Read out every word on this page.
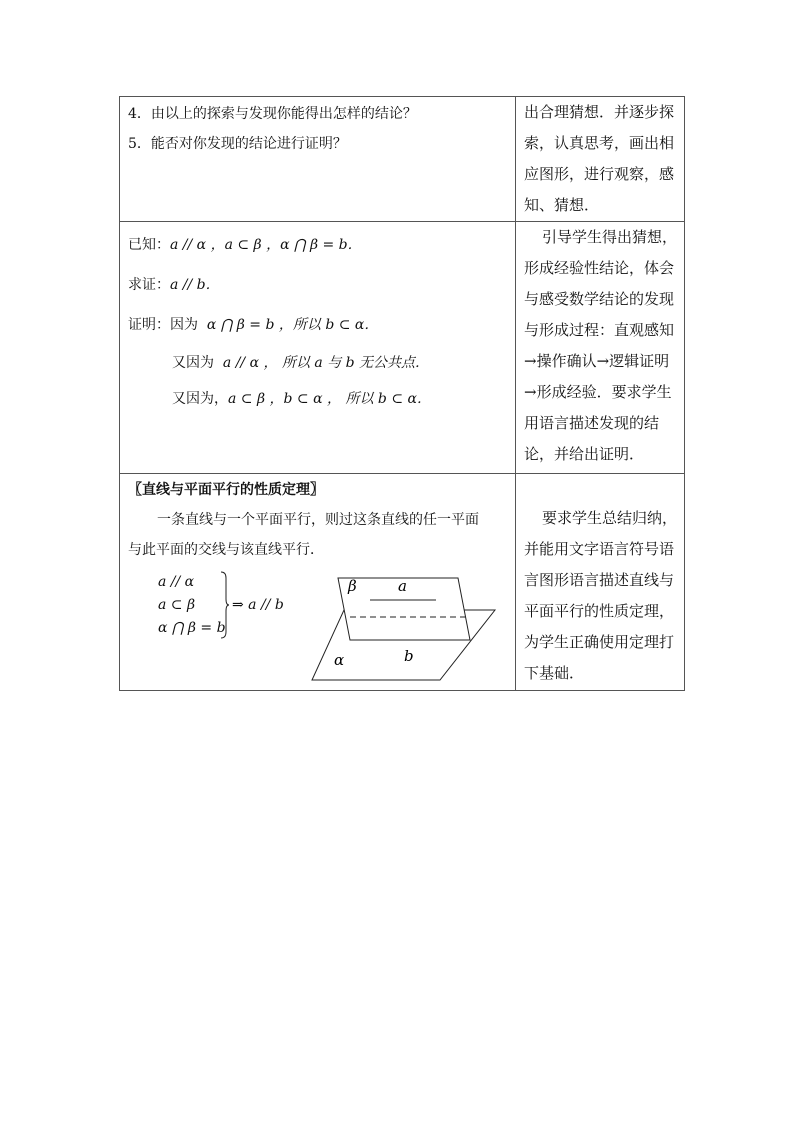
4．由以上的探索与发现你能得出怎样的结论？
5．能否对你发现的结论进行证明？
出合理猜想．并逐步探
索，认真思考，画出相
应图形，进行观察，感
知、猜想．
已知：a // α ，a ⊂ β ，α ⋂ β = b．
求证：a // b．
证明：因为 α ⋂ β = b ，所以 b ⊂ α．
又因为 a // α ， 所以 a 与 b 无公共点．
又因为，a ⊂ β ，b ⊂ α ， 所以 b ⊂ α．
引导学生得出猜想，
形成经验性结论，体会
与感受数学结论的发现
与形成过程：直观感知
→操作确认→逻辑证明
→形成经验．要求学生
用语言描述发现的结
论，并给出证明．
〖直线与平面平行的性质定理〗
一条直线与一个平面平行，则过这条直线的任一平面
与此平面的交线与该直线平行．
a // α
a ⊂ β
α ⋂ β = b
⇒ a // b
β	a
α	b
要求学生总结归纳，
并能用文字语言符号语
言图形语言描述直线与
平面平行的性质定理，
为学生正确使用定理打
下基础．
